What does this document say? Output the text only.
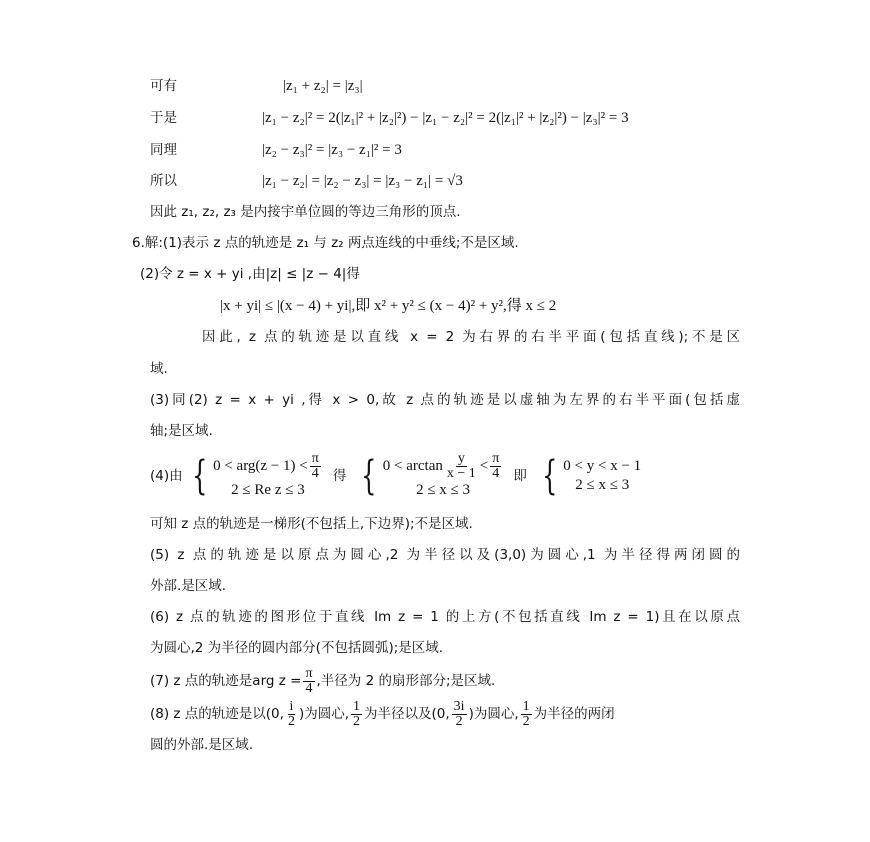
可有	|z₁ + z₂| = |z₃|
于是	|z₁ − z₂|² = 2(|z₁|² + |z₂|²) − |z₁ − z₂|² = 2(|z₁|² + |z₂|²) − |z₃|² = 3
同理	|z₂ − z₃|² = |z₃ − z₁|² = 3
所以	|z₁ − z₂| = |z₂ − z₃| = |z₃ − z₁| = √3
因此 z₁, z₂, z₃ 是内接宇单位圆的等边三角形的顶点.
6.解:(1)表示 z 点的轨迹是 z₁ 与 z₂ 两点连线的中垂线;不是区域.
(2)令 z = x + yi ,由|z| ≤ |z − 4|得
|x + yi| ≤ |(x − 4) + yi|,即 x² + y² ≤ (x − 4)² + y²,得 x ≤ 2
因此, z 点的轨迹是以直线 x = 2 为右界的右半平面(包括直线);不是区
域.
(3)同(2) z = x + yi ,得 x > 0,故 z 点的轨迹是以虚轴为左界的右半平面(包括虚
轴;是区域.
(4)由 { $0 < arg(z - 1) < \frac{\pi}{4}$
2 ≤ Re z ≤ 3
得 { $0 < \arctan \frac{y}{x - 1} < \frac{\pi}{4}$
2 ≤ x ≤ 3
即 { 0 < y < x − 1
2 ≤ x ≤ 3
可知 z 点的轨迹是一梯形(不包括上,下边界);不是区域.
(5) z 点的轨迹是以原点为圆心,2 为半径以及(3,0)为圆心,1 为半径得两闭圆的
外部.是区域.
(6) z 点的轨迹的图形位于直线 Im z = 1 的上方(不包括直线 Im z = 1)且在以原点
为圆心,2 为半径的圆内部分(不包括圆弧);是区域.
(7) z 点的轨迹是arg $z = \frac{\pi}{4}$ ,半径为 2 的扇形部分;是区域.
(8) z 点的轨迹是以(0, $\frac{i}{2}$ )为圆心, $\frac{1}{2}$ 为半径以及(0, $\frac{3i}{2}$ )为圆心, $\frac{1}{2}$ 为半径的两闭
圆的外部.是区域.
